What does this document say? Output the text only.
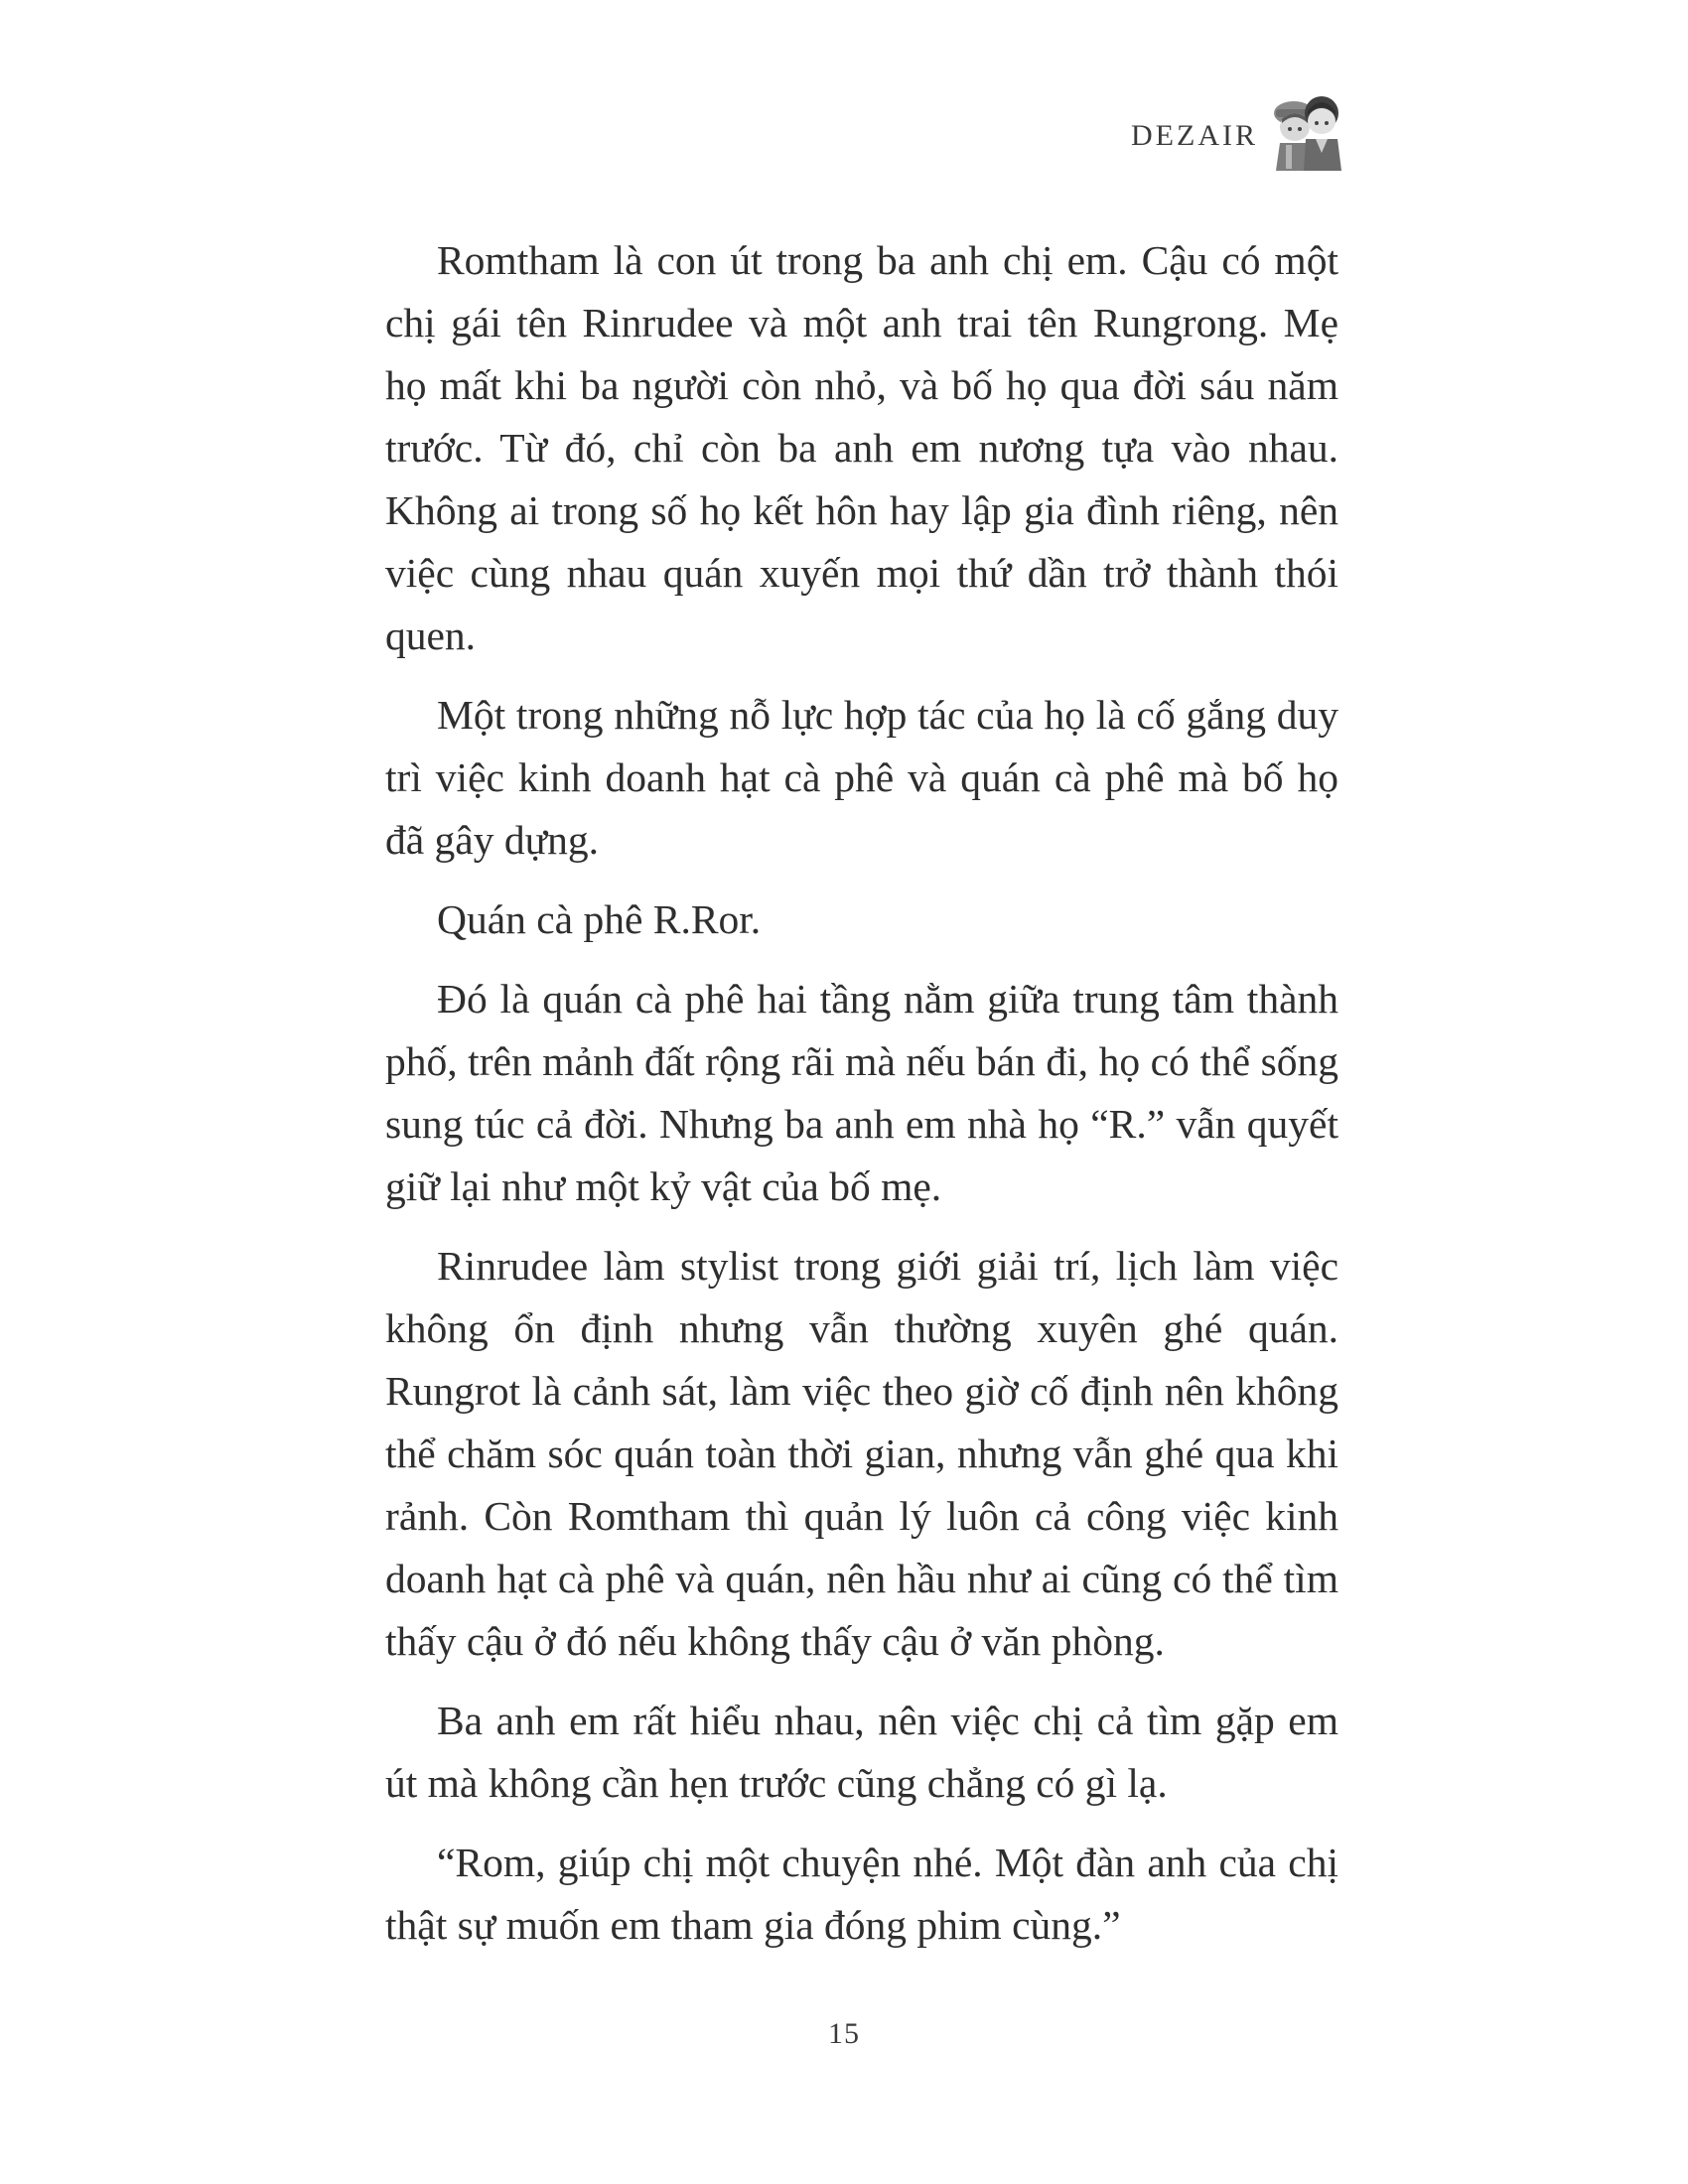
DEZAIR

Romtham là con út trong ba anh chị em. Cậu có một chị gái tên Rinrudee và một anh trai tên Rungrong. Mẹ họ mất khi ba người còn nhỏ, và bố họ qua đời sáu năm trước. Từ đó, chỉ còn ba anh em nương tựa vào nhau. Không ai trong số họ kết hôn hay lập gia đình riêng, nên việc cùng nhau quán xuyến mọi thứ dần trở thành thói quen.

Một trong những nỗ lực hợp tác của họ là cố gắng duy trì việc kinh doanh hạt cà phê và quán cà phê mà bố họ đã gây dựng.

Quán cà phê R.Ror.

Đó là quán cà phê hai tầng nằm giữa trung tâm thành phố, trên mảnh đất rộng rãi mà nếu bán đi, họ có thể sống sung túc cả đời. Nhưng ba anh em nhà họ “R.” vẫn quyết giữ lại như một kỷ vật của bố mẹ.

Rinrudee làm stylist trong giới giải trí, lịch làm việc không ổn định nhưng vẫn thường xuyên ghé quán. Rungrot là cảnh sát, làm việc theo giờ cố định nên không thể chăm sóc quán toàn thời gian, nhưng vẫn ghé qua khi rảnh. Còn Romtham thì quản lý luôn cả công việc kinh doanh hạt cà phê và quán, nên hầu như ai cũng có thể tìm thấy cậu ở đó nếu không thấy cậu ở văn phòng.

Ba anh em rất hiểu nhau, nên việc chị cả tìm gặp em út mà không cần hẹn trước cũng chẳng có gì lạ.

“Rom, giúp chị một chuyện nhé. Một đàn anh của chị thật sự muốn em tham gia đóng phim cùng.”

15
